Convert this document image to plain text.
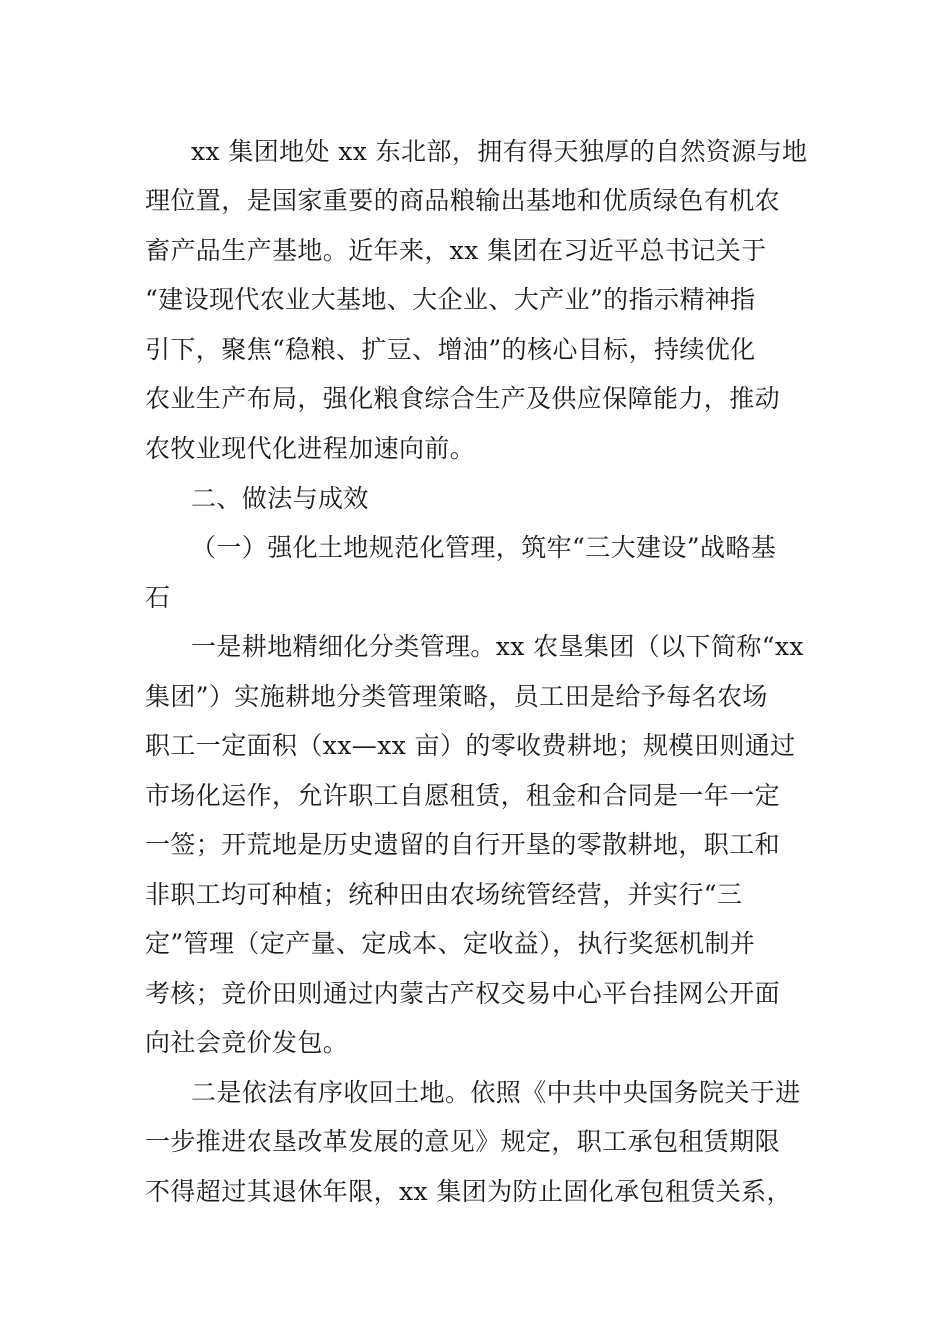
xx 集团地处 xx 东北部，拥有得天独厚的自然资源与地
理位置，是国家重要的商品粮输出基地和优质绿色有机农
畜产品生产基地。近年来，xx 集团在习近平总书记关于
“建设现代农业大基地、大企业、大产业”的指示精神指
引下，聚焦“稳粮、扩豆、增油”的核心目标，持续优化
农业生产布局，强化粮食综合生产及供应保障能力，推动
农牧业现代化进程加速向前。
二、做法与成效
（一）强化土地规范化管理，筑牢“三大建设”战略基
石
一是耕地精细化分类管理。xx 农垦集团（以下简称“xx
集团”）实施耕地分类管理策略，员工田是给予每名农场
职工一定面积（xx—xx 亩）的零收费耕地；规模田则通过
市场化运作，允许职工自愿租赁，租金和合同是一年一定
一签；开荒地是历史遗留的自行开垦的零散耕地，职工和
非职工均可种植；统种田由农场统管经营，并实行“三
定”管理（定产量、定成本、定收益），执行奖惩机制并
考核；竞价田则通过内蒙古产权交易中心平台挂网公开面
向社会竞价发包。
二是依法有序收回土地。依照《中共中央国务院关于进
一步推进农垦改革发展的意见》规定，职工承包租赁期限
不得超过其退休年限，xx 集团为防止固化承包租赁关系，
